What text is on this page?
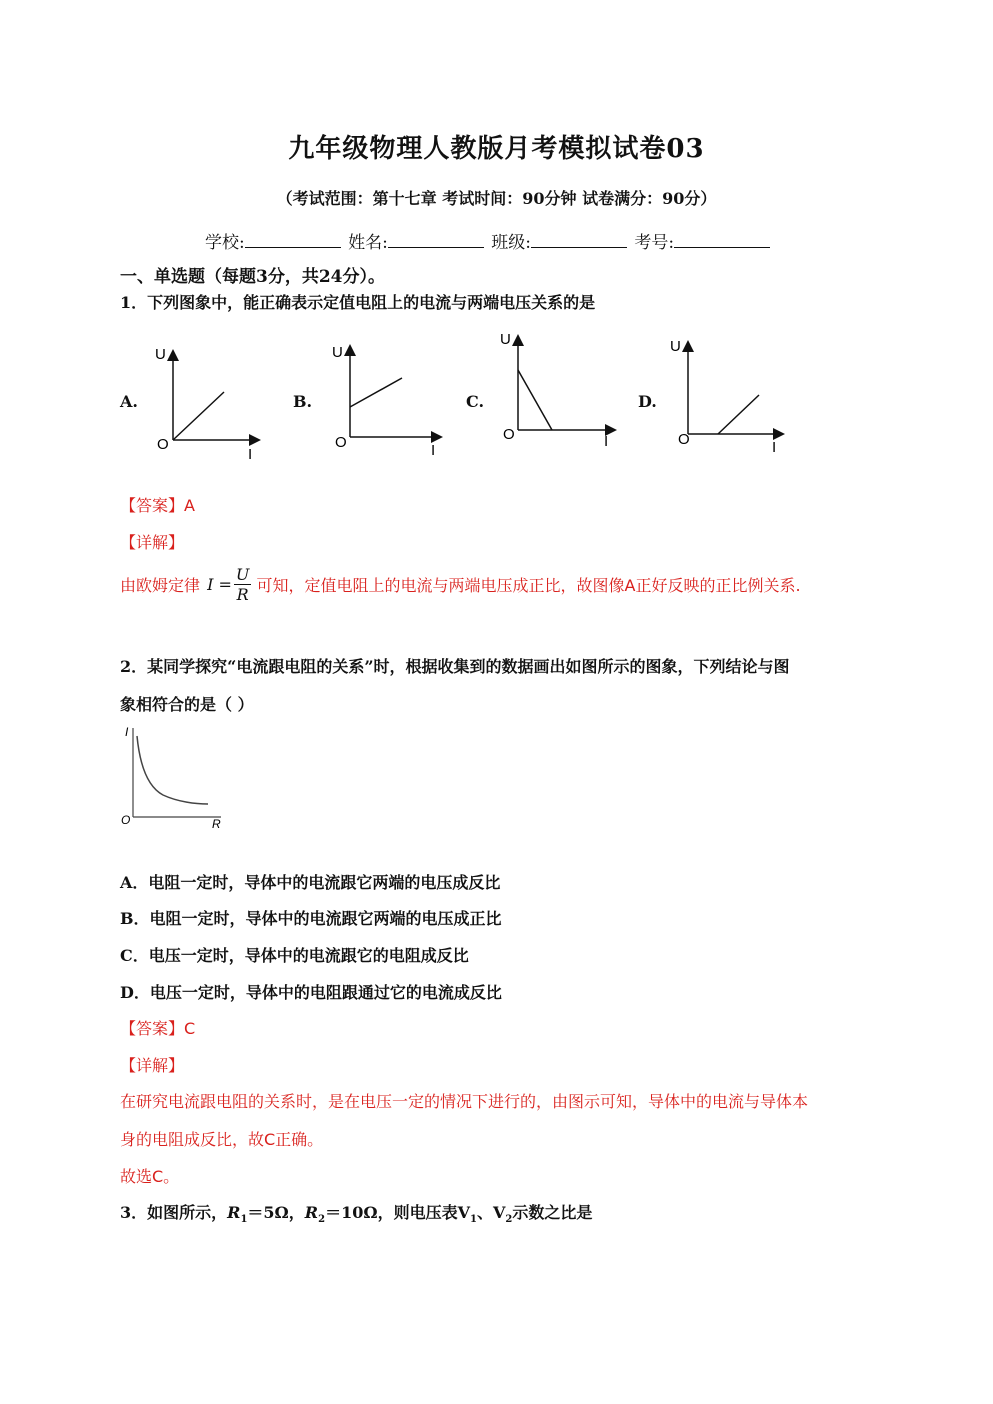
九年级物理人教版月考模拟试卷03
（考试范围：第十七章 考试时间：90分钟 试卷满分：90分）
学校:	姓名:	班级:	考号:
一、单选题（每题3分，共24分）。
1．下列图象中，能正确表示定值电阻上的电流与两端电压关系的是
A.	B.	C.	D.
U
O
I
U
O	I
U
O	I
U
O	I
【答案】A
【详解】
由欧姆定律 $I = \frac{U}{R}$ 可知，定值电阻上的电流与两端电压成正比，故图像A正好反映的正比例关系.
2．某同学探究“电流跟电阻的关系”时，根据收集到的数据画出如图所示的图象，下列结论与图
象相符合的是（ ）
I
O	R
A．电阻一定时，导体中的电流跟它两端的电压成反比
B．电阻一定时，导体中的电流跟它两端的电压成正比
C．电压一定时，导体中的电流跟它的电阻成反比
D．电压一定时，导体中的电阻跟通过它的电流成反比
【答案】C
【详解】
在研究电流跟电阻的关系时，是在电压一定的情况下进行的，由图示可知，导体中的电流与导体本
身的电阻成反比，故C正确。
故选C。
3．如图所示，$R_1=5\Omega$，$R_2=10\Omega$，则电压表$V_1$、$V_2$示数之比是
